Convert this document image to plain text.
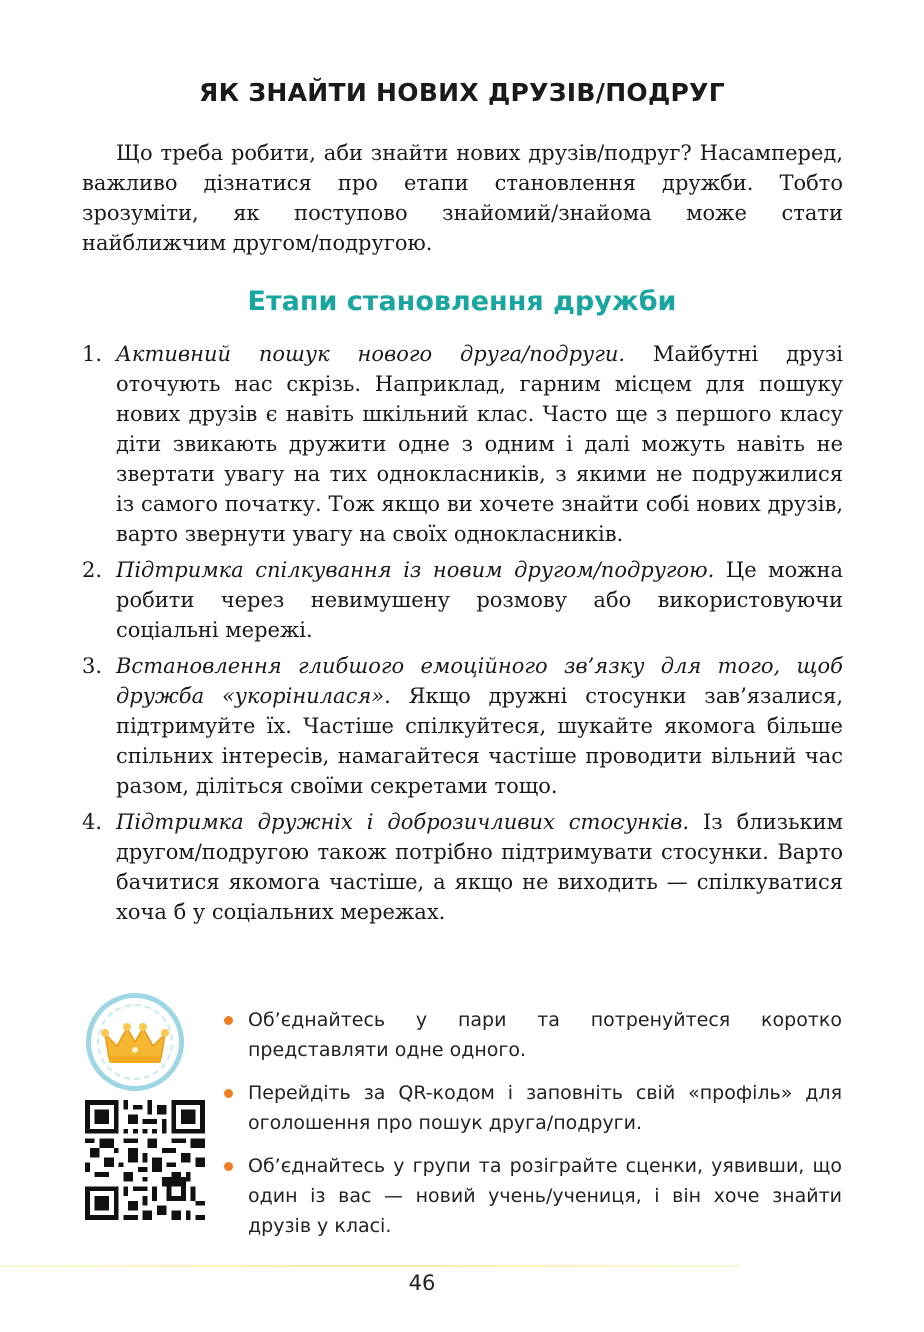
ЯК ЗНАЙТИ НОВИХ ДРУЗІВ/ПОДРУГ

Що треба робити, аби знайти нових друзів/подруг? Насамперед, важливо дізнатися про етапи становлення дружби. Тобто зрозуміти, як поступово знайомий/знайома може стати найближчим другом/подругою.

Етапи становлення дружби
1. Активний пошук нового друга/подруги. Майбутні друзі оточують нас скрізь. Наприклад, гарним місцем для пошуку нових друзів є навіть шкільний клас. Часто ще з першого класу діти звикають дружити одне з одним і далі можуть навіть не звертати увагу на тих однокласників, з якими не подружилися із самого початку. Тож якщо ви хочете знайти собі нових друзів, варто звернути увагу на своїх однокласників.
2. Підтримка спілкування із новим другом/подругою. Це можна робити через невимушену розмову або використовуючи соціальні мережі.
3. Встановлення глибшого емоційного зв’язку для того, щоб дружба «укорінилася». Якщо дружні стосунки зав’язалися, підтримуйте їх. Частіше спілкуйтеся, шукайте якомога більше спільних інтересів, намагайтеся частіше проводити вільний час разом, діліться своїми секретами тощо.
4. Підтримка дружніх і доброзичливих стосунків. Із близьким другом/подругою також потрібно підтримувати стосунки. Варто бачитися якомога частіше, а якщо не виходить — спілкуватися хоча б у соціальних мережах.
Об’єднайтесь у пари та потренуйтеся коротко представляти одне одного.
Перейдіть за QR-кодом і заповніть свій «профіль» для оголошення про пошук друга/подруги.
Об’єднайтесь у групи та розіграйте сценки, уявивши, що один із вас — новий учень/учениця, і він хоче знайти друзів у класі.
46
